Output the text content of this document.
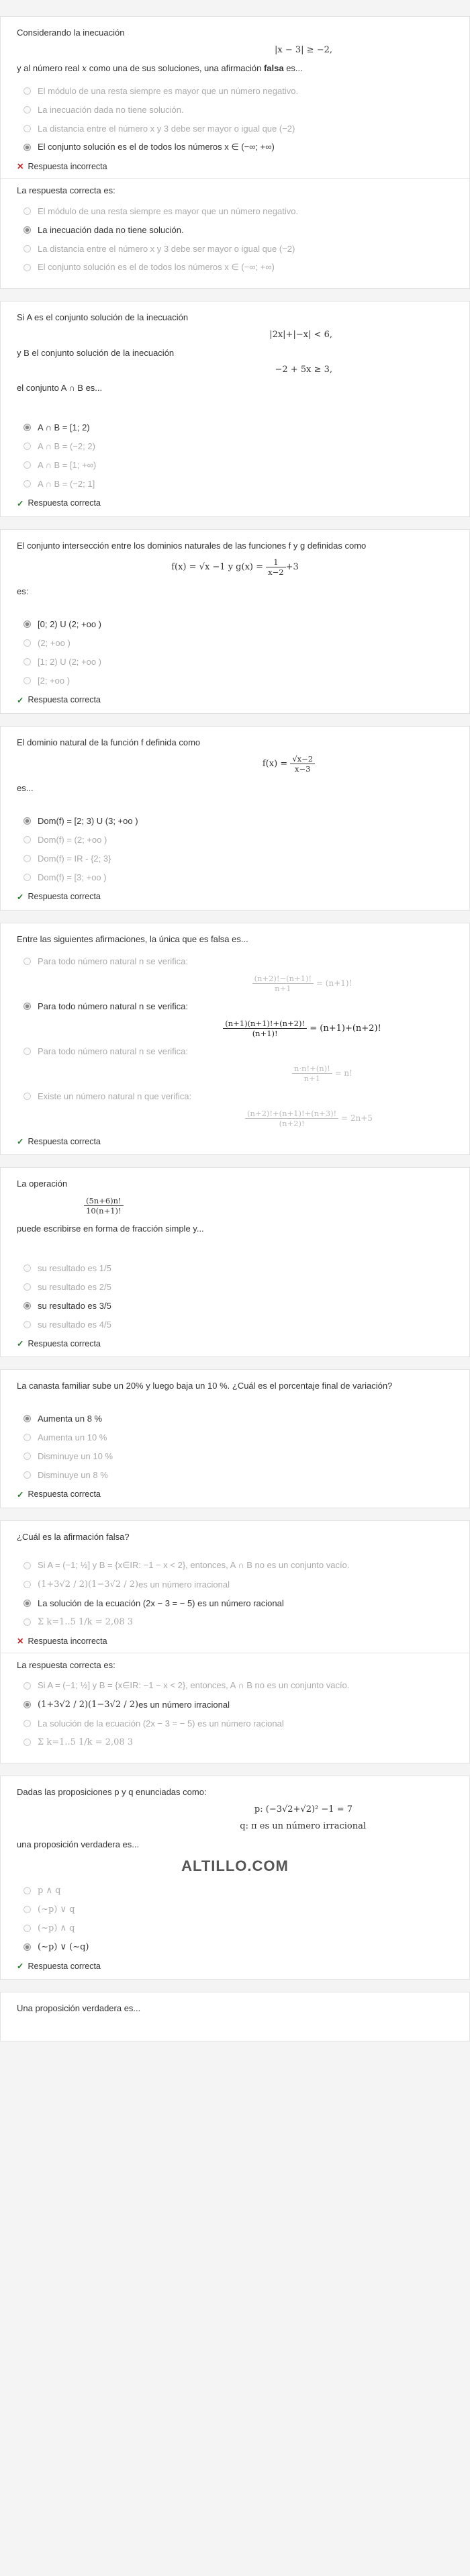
Considerando la inecuación

|x − 3| ≥ −2,

y al número real x como una de sus soluciones, una afirmación falsa es...

El módulo de una resta siempre es mayor que un número negativo.
La inecuación dada no tiene solución.
La distancia entre el número x y 3 debe ser mayor o igual que (−2)
El conjunto solución es el de todos los números x ∈ (−∞; +∞)
✕ Respuesta incorrecta

La respuesta correcta es:

El módulo de una resta siempre es mayor que un número negativo.
La inecuación dada no tiene solución.
La distancia entre el número x y 3 debe ser mayor o igual que (−2)
El conjunto solución es el de todos los números x ∈ (−∞; +∞)

Si A es el conjunto solución de la inecuación

|2x|+|−x| < 6,

y B el conjunto solución de la inecuación

−2 + 5x ≥ 3,

el conjunto A ∩ B es...

A ∩ B = [1; 2)
A ∩ B = (−2; 2)
A ∩ B = [1; +∞)
A ∩ B = (−2; 1]
✓ Respuesta correcta

El conjunto intersección entre los dominios naturales de las funciones f y g definidas como

f(x) = √x −1 y $g(x) = \frac{1}{x-2} +3$

es:

[0; 2) U (2; +oo )
(2; +oo )
[1; 2) U (2; +oo )
[2; +oo )
✓ Respuesta correcta

El dominio natural de la función f definida como

$f(x) = \frac{√x-2}{x-3}$

es...

Dom(f) = [2; 3) U (3; +oo )
Dom(f) = (2; +oo )
Dom(f) = IR - {2; 3}
Dom(f) = [3; +oo )
✓ Respuesta correcta

Entre las siguientes afirmaciones, la única que es falsa es...

Para todo número natural n se verifica:
$\frac{(n+2)!-(n+1)!}{n+1} = (n+1)$!
Para todo número natural n se verifica:
$\frac{(n+1)(n+1)!+(n+2)!}{(n+1)!} = (n+1)+(n+2)$!
Para todo número natural n se verifica:
$\frac{n\cdot n!+(n)!}{n+1} = n$!
Existe un número natural n que verifica:
$\frac{(n+2)!+(n+1)!+(n+3)!}{(n+2)!} = 2n+5$
✓ Respuesta correcta

La operación

$\frac{(5n+6)n!}{10(n+1)!}$

puede escribirse en forma de fracción simple y...

su resultado es 1/5
su resultado es 2/5
su resultado es 3/5
su resultado es 4/5
✓ Respuesta correcta

La canasta familiar sube un 20% y luego baja un 10 %. ¿Cuál es el porcentaje final de variación?

Aumenta un 8 %
Aumenta un 10 %
Disminuye un 10 %
Disminuye un 8 %
✓ Respuesta correcta

¿Cuál es la afirmación falsa?

Si A = (−1; ½] y B = {x∈IR: −1 − x < 2}, entonces, A ∩ B no es un conjunto vacío.
(1+3√2 / 2)(1−3√2 / 2) es un número irracional
La solución de la ecuación (2x − 3 = − 5) es un número racional
Σ k=1..5 1/k = 2,08 3
✕ Respuesta incorrecta

La respuesta correcta es:

Si A = (−1; ½] y B = {x∈IR: −1 − x < 2}, entonces, A ∩ B no es un conjunto vacío.
(1+3√2 / 2)(1−3√2 / 2) es un número irracional
La solución de la ecuación (2x − 3 = − 5) es un número racional
Σ k=1..5 1/k = 2,08 3

Dadas las proposiciones p y q enunciadas como:

p: (−3√2+√2)² −1 = 7
q: π es un número irracional

una proposición verdadera es...

ALTILLO.COM
p ∧ q
(~p) ∨ q
(~p) ∧ q
(~p) ∨ (~q)
✓ Respuesta correcta

Una proposición verdadera es...
